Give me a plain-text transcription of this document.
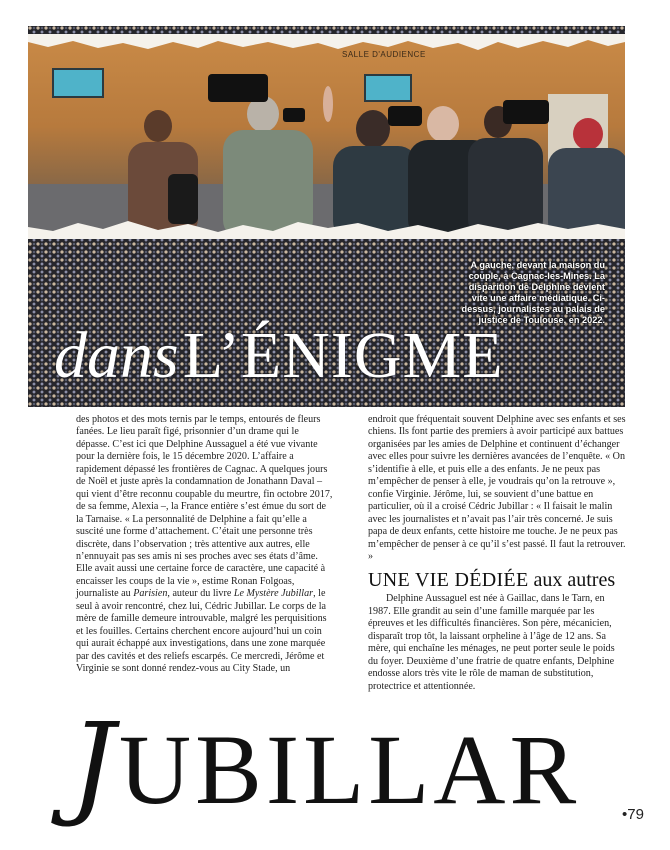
SALLE D'AUDIENCE
A gauche, devant la maison du couple, à Cagnac-les-Mines. La disparition de Delphine devient vite une affaire médiatique. Ci-dessus, journalistes au palais de justice de Toulouse, en 2022.
dans L’ÉNIGME

des photos et des mots ternis par le temps, entourés de fleurs fanées. Le lieu paraît figé, prisonnier d’un drame qui le dépasse. C’est ici que Delphine Aussaguel a été vue vivante pour la dernière fois, le 15 décembre 2020. L’affaire a rapidement dépassé les frontières de Cagnac. A quelques jours de Noël et juste après la condamnation de Jonathann Daval – qui vient d’être reconnu coupable du meurtre, fin octobre 2017, de sa femme, Alexia –, la France entière s’est émue du sort de la Tarnaise. « La personnalité de Delphine a fait qu’elle a suscité une forme d’attachement. C’était une personne très discrète, dans l’observation ; très attentive aux autres, elle n’ennuyait pas ses amis ni ses proches avec ses états d’âme. Elle avait aussi une certaine force de caractère, une capacité à encaisser les coups de la vie », estime Ronan Folgoas, journaliste au Parisien, auteur du livre Le Mystère Jubillar, le seul à avoir rencontré, chez lui, Cédric Jubillar. Le corps de la mère de famille demeure introuvable, malgré les perquisitions et les fouilles. Certains cherchent encore aujourd’hui un coin qui aurait échappé aux investigations, dans une zone marquée par des cavités et des reliefs escarpés. Ce mercredi, Jérôme et Virginie se sont donné rendez-vous au City Stade, un

endroit que fréquentait souvent Delphine avec ses enfants et ses chiens. Ils font partie des premiers à avoir participé aux battues organisées par les amies de Delphine et continuent d’échanger avec elles pour suivre les dernières avancées de l’enquête. « On s’identifie à elle, et puis elle a des enfants. Je ne peux pas m’empêcher de penser à elle, je voudrais qu’on la retrouve », confie Virginie. Jérôme, lui, se souvient d’une battue en particulier, où il a croisé Cédric Jubillar : « Il faisait le malin avec les journalistes et n’avait pas l’air très concerné. Je suis papa de deux enfants, cette histoire me touche. Je ne peux pas m’empêcher de penser à ce qu’il s’est passé. Il faut la retrouver. »

UNE VIE DÉDIÉE aux autres

Delphine Aussaguel est née à Gaillac, dans le Tarn, en 1987. Elle grandit au sein d’une famille marquée par les épreuves et les difficultés financières. Son père, mécanicien, disparaît trop tôt, la laissant orpheline à l’âge de 12 ans. Sa mère, qui enchaîne les ménages, ne peut porter seule le poids du foyer. Deuxième d’une fratrie de quatre enfants, Delphine endosse alors très vite le rôle de maman de substitution, protectrice et attentionnée.

JUBILLAR	•79
